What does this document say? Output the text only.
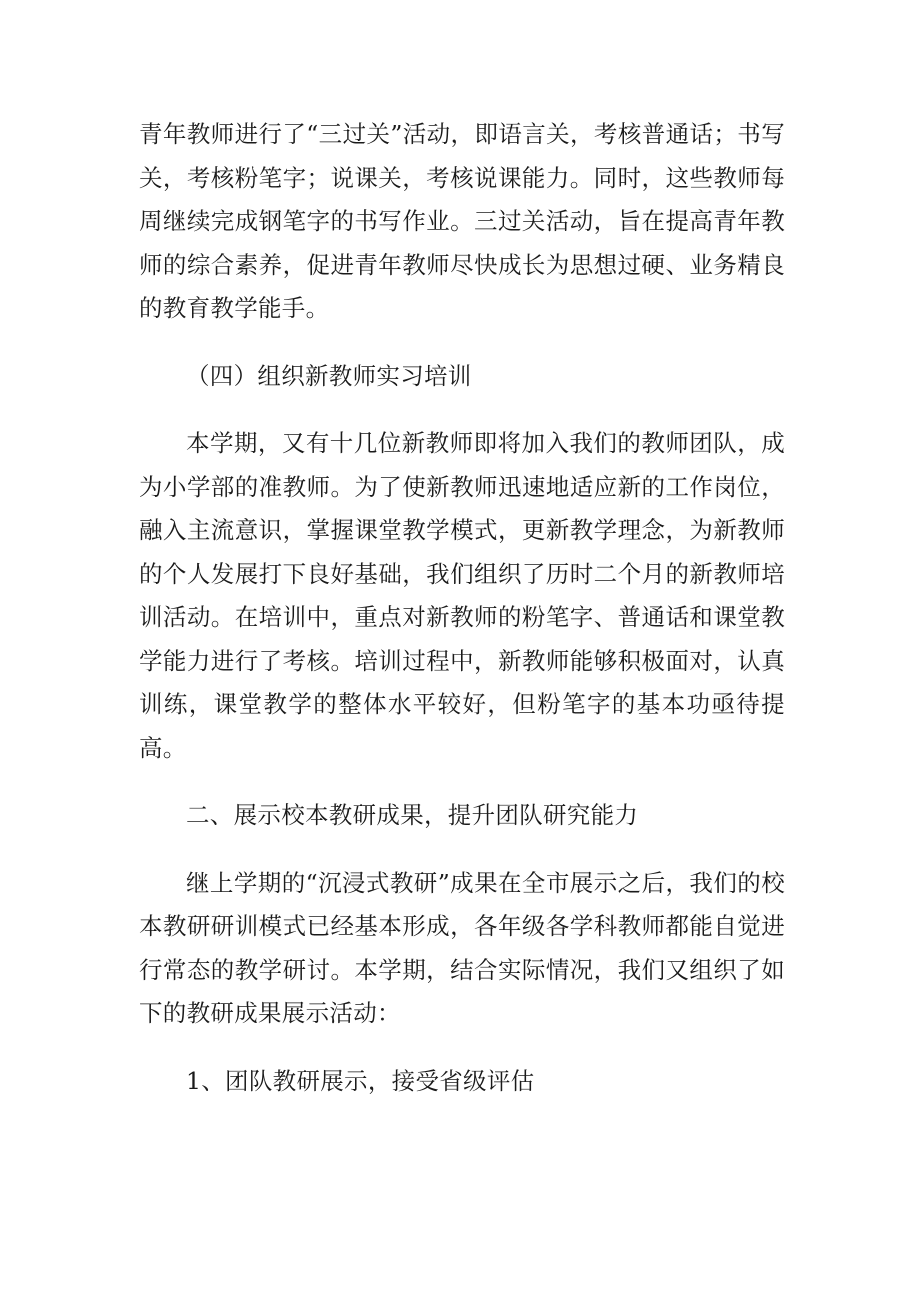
青年教师进行了“三过关”活动，即语言关，考核普通话；书写关，考核粉笔字；说课关，考核说课能力。同时，这些教师每周继续完成钢笔字的书写作业。三过关活动，旨在提高青年教师的综合素养，促进青年教师尽快成长为思想过硬、业务精良的教育教学能手。

（四）组织新教师实习培训

本学期，又有十几位新教师即将加入我们的教师团队，成为小学部的准教师。为了使新教师迅速地适应新的工作岗位，融入主流意识，掌握课堂教学模式，更新教学理念，为新教师的个人发展打下良好基础，我们组织了历时二个月的新教师培训活动。在培训中，重点对新教师的粉笔字、普通话和课堂教学能力进行了考核。培训过程中，新教师能够积极面对，认真训练，课堂教学的整体水平较好，但粉笔字的基本功亟待提高。

二、展示校本教研成果，提升团队研究能力

继上学期的“沉浸式教研”成果在全市展示之后，我们的校本教研研训模式已经基本形成，各年级各学科教师都能自觉进行常态的教学研讨。本学期，结合实际情况，我们又组织了如下的教研成果展示活动：

1、团队教研展示，接受省级评估
